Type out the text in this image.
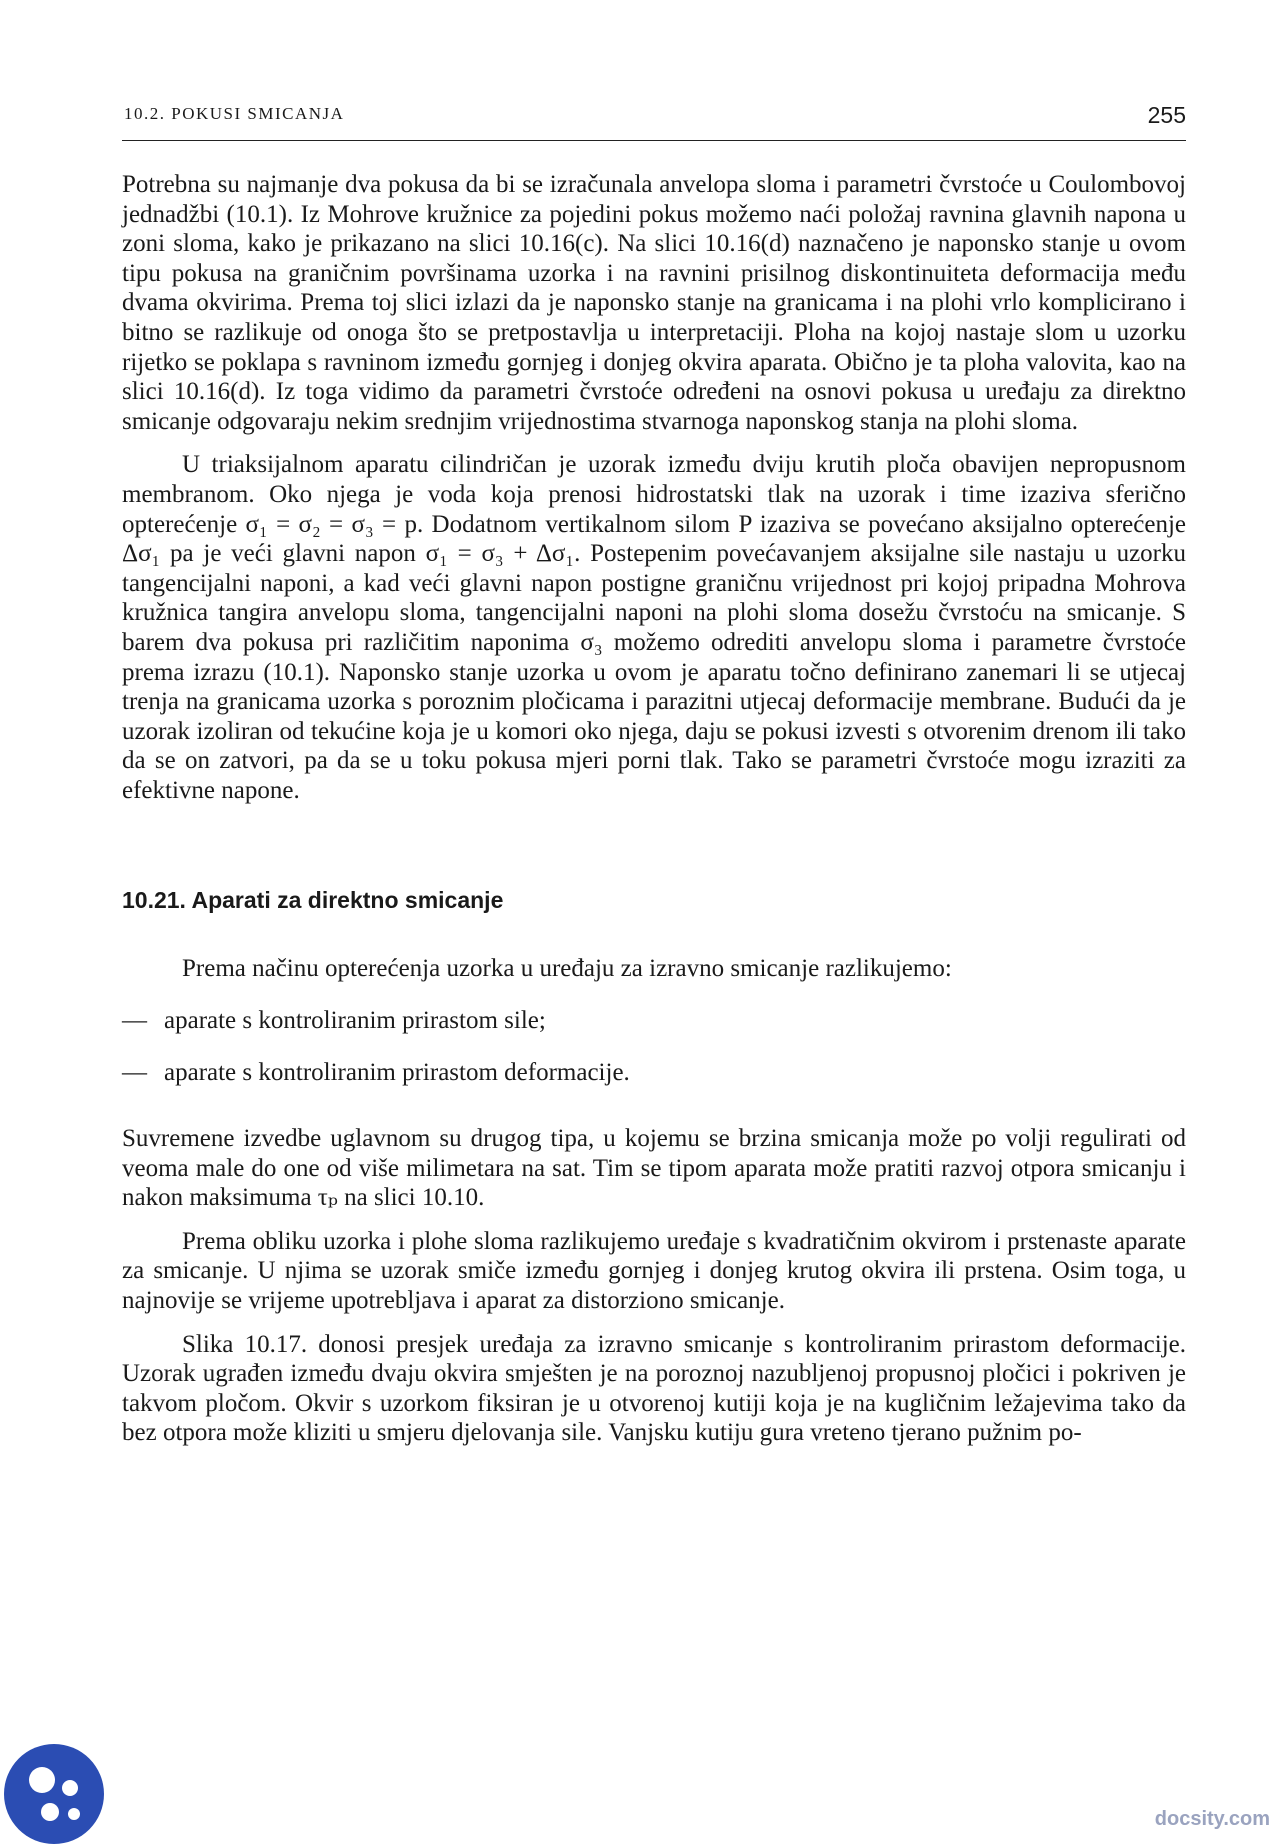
10.2. POKUSI SMICANJA	255

Potrebna su najmanje dva pokusa da bi se izračunala anvelopa sloma i parametri čvrstoće u Coulombovoj jednadžbi (10.1). Iz Mohrove kružnice za pojedini pokus možemo naći položaj ravnina glavnih napona u zoni sloma, kako je prikazano na slici 10.16(c). Na slici 10.16(d) naznačeno je naponsko stanje u ovom tipu pokusa na graničnim površinama uzorka i na ravnini prisilnog diskontinuiteta deformacija među dvama okvirima. Prema toj slici izlazi da je naponsko stanje na granicama i na plohi vrlo komplicirano i bitno se razlikuje od onoga što se pretpostavlja u interpretaciji. Ploha na kojoj nastaje slom u uzorku rijetko se poklapa s ravninom između gornjeg i donjeg okvira aparata. Obično je ta ploha valovita, kao na slici 10.16(d). Iz toga vidimo da parametri čvrstoće određeni na osnovi pokusa u uređaju za direktno smicanje odgovaraju nekim srednjim vrijednostima stvarnoga naponskog stanja na plohi sloma.

U triaksijalnom aparatu cilindričan je uzorak između dviju krutih ploča obavijen nepropusnom membranom. Oko njega je voda koja prenosi hidrostatski tlak na uzorak i time izaziva sferično opterećenje σ₁ = σ₂ = σ₃ = p. Dodatnom vertikalnom silom P izaziva se povećano aksijalno opterećenje Δσ₁ pa je veći glavni napon σ₁ = σ₃ + Δσ₁. Postepenim povećavanjem aksijalne sile nastaju u uzorku tangencijalni naponi, a kad veći glavni napon postigne graničnu vrijednost pri kojoj pripadna Mohrova kružnica tangira anvelopu sloma, tangencijalni naponi na plohi sloma dosežu čvrstoću na smicanje. S barem dva pokusa pri različitim naponima σ₃ možemo odrediti anvelopu sloma i parametre čvrstoće prema izrazu (10.1). Naponsko stanje uzorka u ovom je aparatu točno definirano zanemari li se utjecaj trenja na granicama uzorka s poroznim pločicama i parazitni utjecaj deformacije membrane. Budući da je uzorak izoliran od tekućine koja je u komori oko njega, daju se pokusi izvesti s otvorenim drenom ili tako da se on zatvori, pa da se u toku pokusa mjeri porni tlak. Tako se parametri čvrstoće mogu izraziti za efektivne napone.

10.21. Aparati za direktno smicanje

Prema načinu opterećenja uzorka u uređaju za izravno smicanje razlikujemo:

— aparate s kontroliranim prirastom sile;
— aparate s kontroliranim prirastom deformacije.

Suvremene izvedbe uglavnom su drugog tipa, u kojemu se brzina smicanja može po volji regulirati od veoma male do one od više milimetara na sat. Tim se tipom aparata može pratiti razvoj otpora smicanju i nakon maksimuma τₚ na slici 10.10.

Prema obliku uzorka i plohe sloma razlikujemo uređaje s kvadratičnim okvirom i prstenaste aparate za smicanje. U njima se uzorak smiče između gornjeg i donjeg krutog okvira ili prstena. Osim toga, u najnovije se vrijeme upotrebljava i aparat za distorziono smicanje.

Slika 10.17. donosi presjek uređaja za izravno smicanje s kontroliranim prirastom deformacije. Uzorak ugrađen između dvaju okvira smješten je na poroznoj nazubljenoj propusnoj pločici i pokriven je takvom pločom. Okvir s uzorkom fiksiran je u otvorenoj kutiji koja je na kugličnim ležajevima tako da bez otpora može kliziti u smjeru djelovanja sile. Vanjsku kutiju gura vreteno tjerano pužnim po-

docsity.com
